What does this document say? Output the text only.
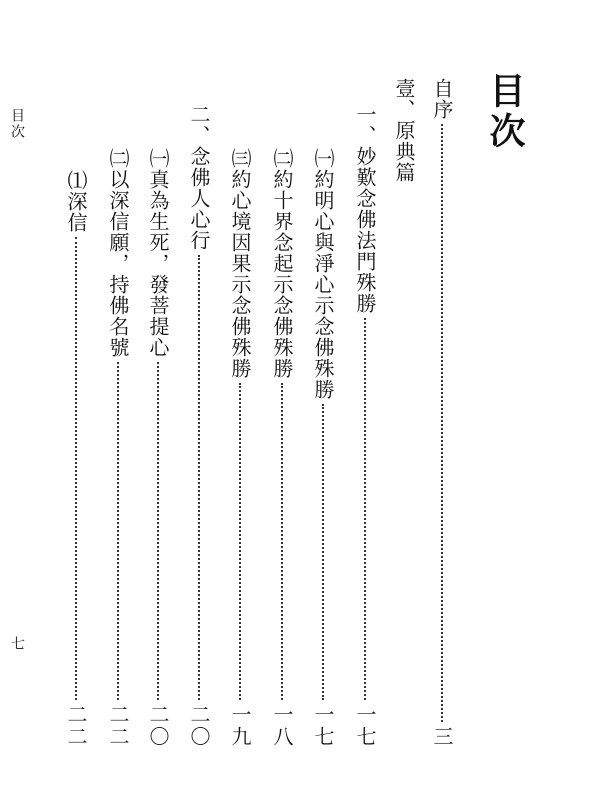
目次
七
目次
自序
三
壹、原典篇
一、妙歎念佛法門殊勝
一七
㈠約明心與淨心示念佛殊勝
一七
㈡約十界念起示念佛殊勝
一八
㈢約心境因果示念佛殊勝
一九
二、念佛人心行
二〇
㈠真為生死，發菩提心
二〇
㈡以深信願，持佛名號
二二
⑴深信
二二
